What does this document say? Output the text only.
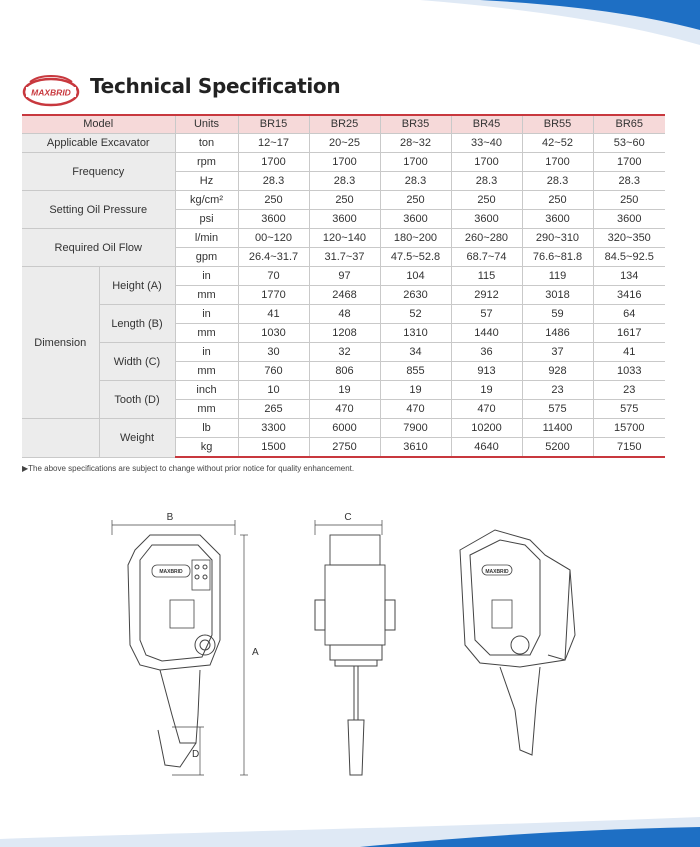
MAXBRID Technical Specification
Model		Units	BR15	BR25	BR35	BR45	BR55	BR65
Applicable Excavator		ton	12~17	20~25	28~32	33~40	42~52	53~60
Frequency		rpm	1700	1700	1700	1700	1700	1700
		Hz	28.3	28.3	28.3	28.3	28.3	28.3
Setting Oil Pressure		kg/cm²	250	250	250	250	250	250
		psi	3600	3600	3600	3600	3600	3600
Required Oil Flow		l/min	00~120	120~140	180~200	260~280	290~310	320~350
		gpm	26.4~31.7	31.7~37	47.5~52.8	68.7~74	76.6~81.8	84.5~92.5
Dimension	Height (A)	in	70	97	104	115	119	134
		mm	1770	2468	2630	2912	3018	3416
	Length (B)	in	41	48	52	57	59	64
		mm	1030	1208	1310	1440	1486	1617
	Width (C)	in	30	32	34	36	37	41
		mm	760	806	855	913	928	1033
	Tooth (D)	inch	10	19	19	19	23	23
		mm	265	470	470	470	575	575
	Weight	lb	3300	6000	7900	10200	11400	15700
		kg	1500	2750	3610	4640	5200	7150
▶The above specifications are subject to change without prior notice for quality enhancement.
B	C
A
D
MAXBRID	MAXBRID
